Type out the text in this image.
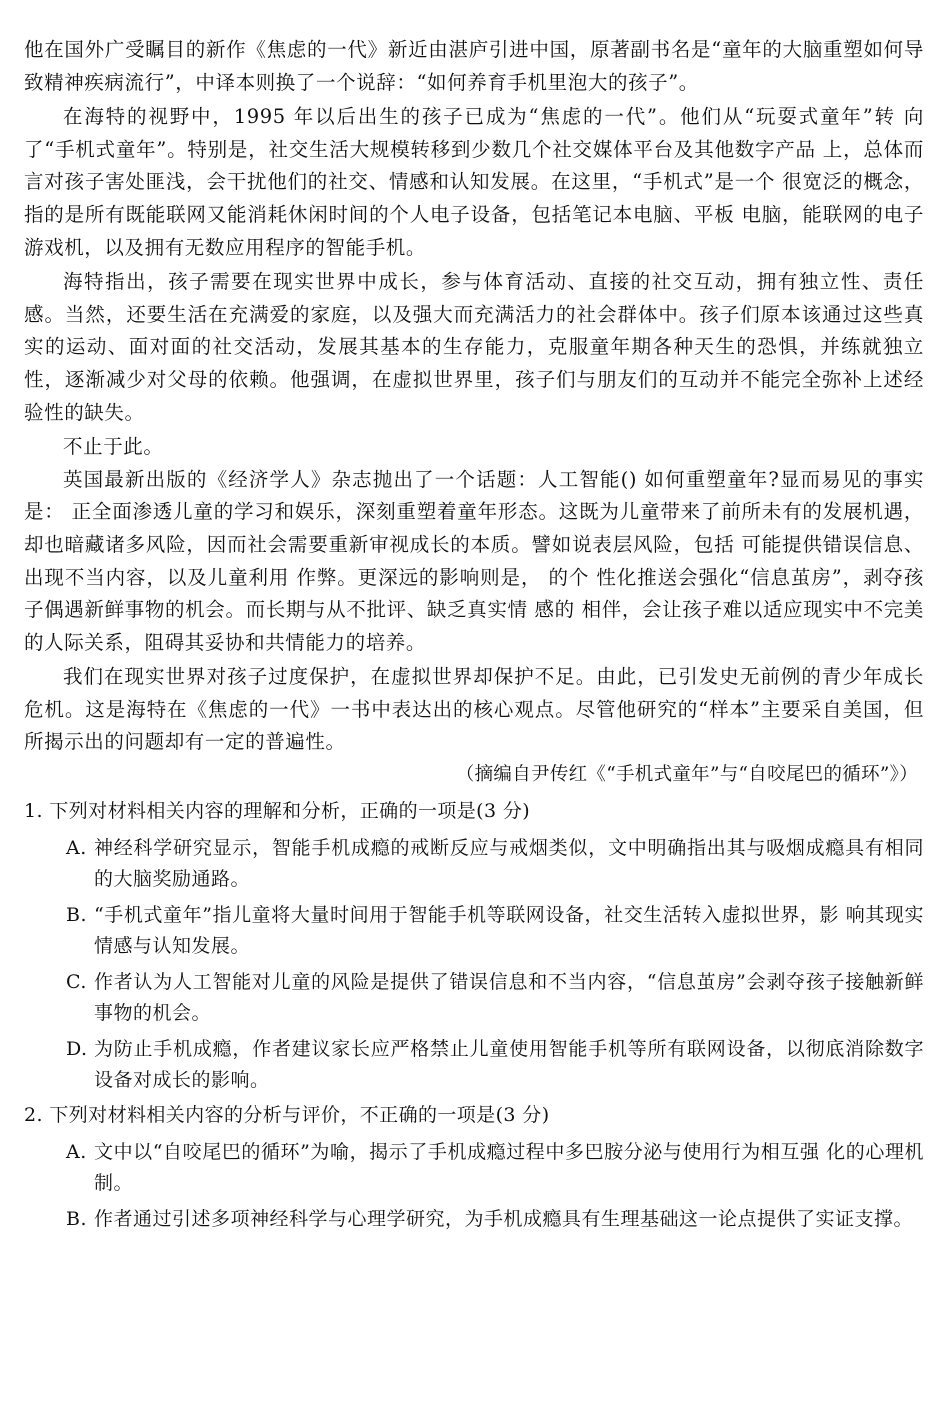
他在国外广受瞩目的新作《焦虑的一代》新近由湛庐引进中国，原著副书名是“童年的大脑重塑如何导致精神疾病流行”，中译本则换了一个说辞：“如何养育手机里泡大的孩子”。

在海特的视野中，1995 年以后出生的孩子已成为“焦虑的一代”。他们从“玩耍式童年”转 向了“手机式童年”。特别是，社交生活大规模转移到少数几个社交媒体平台及其他数字产品 上，总体而言对孩子害处匪浅，会干扰他们的社交、情感和认知发展。在这里，“手机式”是一个 很宽泛的概念，指的是所有既能联网又能消耗休闲时间的个人电子设备，包括笔记本电脑、平板 电脑，能联网的电子游戏机，以及拥有无数应用程序的智能手机。

海特指出，孩子需要在现实世界中成长，参与体育活动、直接的社交互动，拥有独立性、责任感。当然，还要生活在充满爱的家庭，以及强大而充满活力的社会群体中。孩子们原本该通过这些真实的运动、面对面的社交活动，发展其基本的生存能力，克服童年期各种天生的恐惧，并练就独立性，逐渐减少对父母的依赖。他强调，在虚拟世界里，孩子们与朋友们的互动并不能完全弥补上述经验性的缺失。

不止于此。

英国最新出版的《经济学人》杂志抛出了一个话题：人工智能() 如何重塑童年?显而易见的事实是： 正全面渗透儿童的学习和娱乐，深刻重塑着童年形态。这既为儿童带来了前所未有的发展机遇，却也暗藏诸多风险，因而社会需要重新审视成长的本质。譬如说表层风险，包括 可能提供错误信息、出现不当内容，以及儿童利用 作弊。更深远的影响则是， 的个 性化推送会强化“信息茧房”，剥夺孩子偶遇新鲜事物的机会。而长期与从不批评、缺乏真实情 感的 相伴，会让孩子难以适应现实中不完美的人际关系，阻碍其妥协和共情能力的培养。

我们在现实世界对孩子过度保护，在虚拟世界却保护不足。由此，已引发史无前例的青少年成长危机。这是海特在《焦虑的一代》一书中表达出的核心观点。尽管他研究的“样本”主要采自美国，但所揭示出的问题却有一定的普遍性。

（摘编自尹传红《“手机式童年”与“自咬尾巴的循环”》）

1. 下列对材料相关内容的理解和分析，正确的一项是(3 分)

A. 神经科学研究显示，智能手机成瘾的戒断反应与戒烟类似，文中明确指出其与吸烟成瘾具有相同的大脑奖励通路。
B. “手机式童年”指儿童将大量时间用于智能手机等联网设备，社交生活转入虚拟世界，影 响其现实情感与认知发展。
C. 作者认为人工智能对儿童的风险是提供了错误信息和不当内容，“信息茧房”会剥夺孩子接触新鲜事物的机会。
D. 为防止手机成瘾，作者建议家长应严格禁止儿童使用智能手机等所有联网设备，以彻底消除数字设备对成长的影响。

2. 下列对材料相关内容的分析与评价，不正确的一项是(3 分)

A. 文中以“自咬尾巴的循环”为喻，揭示了手机成瘾过程中多巴胺分泌与使用行为相互强 化的心理机制。
B. 作者通过引述多项神经科学与心理学研究，为手机成瘾具有生理基础这一论点提供了实证支撑。
